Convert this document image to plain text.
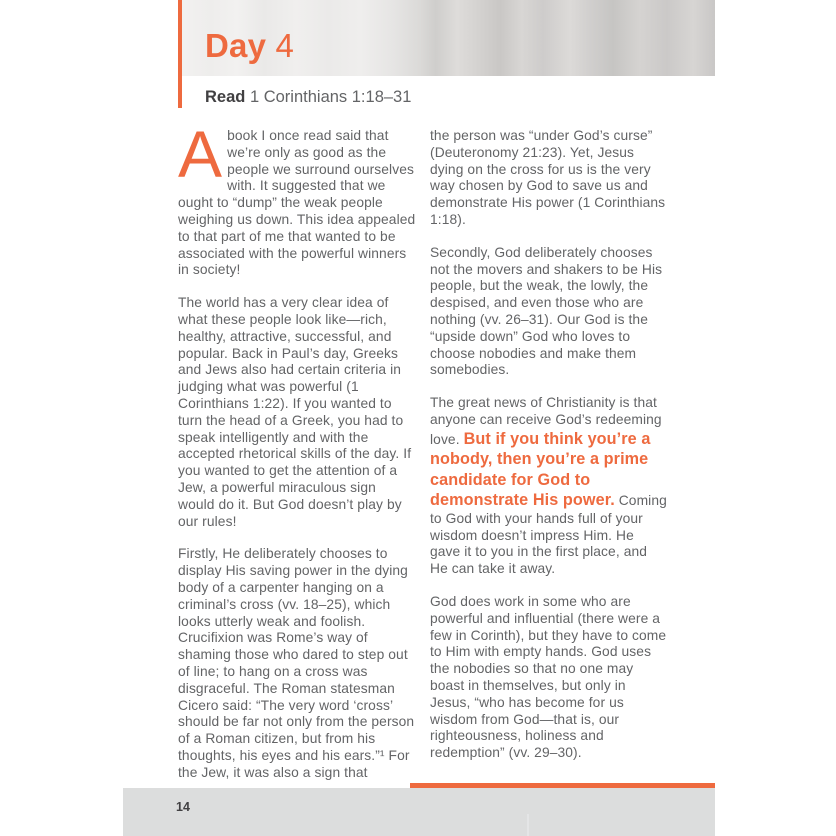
Day 4
Read 1 Corinthians 1:18–31

Abook I once read said that we’re only as good as the people we surround ourselves with. It suggested that we ought to “dump” the weak people weighing us down. This idea appealed to that part of me that wanted to be associated with the powerful winners in society!

The world has a very clear idea of what these people look like—rich, healthy, attractive, successful, and popular. Back in Paul’s day, Greeks and Jews also had certain criteria in judging what was powerful (1 Corinthians 1:22). If you wanted to turn the head of a Greek, you had to speak intelligently and with the accepted rhetorical skills of the day. If you wanted to get the attention of a Jew, a powerful miraculous sign would do it. But God doesn’t play by our rules!

Firstly, He deliberately chooses to display His saving power in the dying body of a carpenter hanging on a criminal’s cross (vv. 18–25), which looks utterly weak and foolish. Crucifixion was Rome’s way of shaming those who dared to step out of line; to hang on a cross was disgraceful. The Roman statesman Cicero said: “The very word ‘cross’ should be far not only from the person of a Roman citizen, but from his thoughts, his eyes and his ears.”¹ For the Jew, it was also a sign that

the person was “under God’s curse” (Deuteronomy 21:23). Yet, Jesus dying on the cross for us is the very way chosen by God to save us and demonstrate His power (1 Corinthians 1:18).

Secondly, God deliberately chooses not the movers and shakers to be His people, but the weak, the lowly, the despised, and even those who are nothing (vv. 26–31). Our God is the “upside down” God who loves to choose nobodies and make them somebodies.

The great news of Christianity is that anyone can receive God’s redeeming love. But if you think you’re a nobody, then you’re a prime candidate for God to demonstrate His power. Coming to God with your hands full of your wisdom doesn’t impress Him. He gave it to you in the first place, and He can take it away.

God does work in some who are powerful and influential (there were a few in Corinth), but they have to come to Him with empty hands. God uses the nobodies so that no one may boast in themselves, but only in Jesus, “who has become for us wisdom from God—that is, our righteousness, holiness and redemption” (vv. 29–30).

14
